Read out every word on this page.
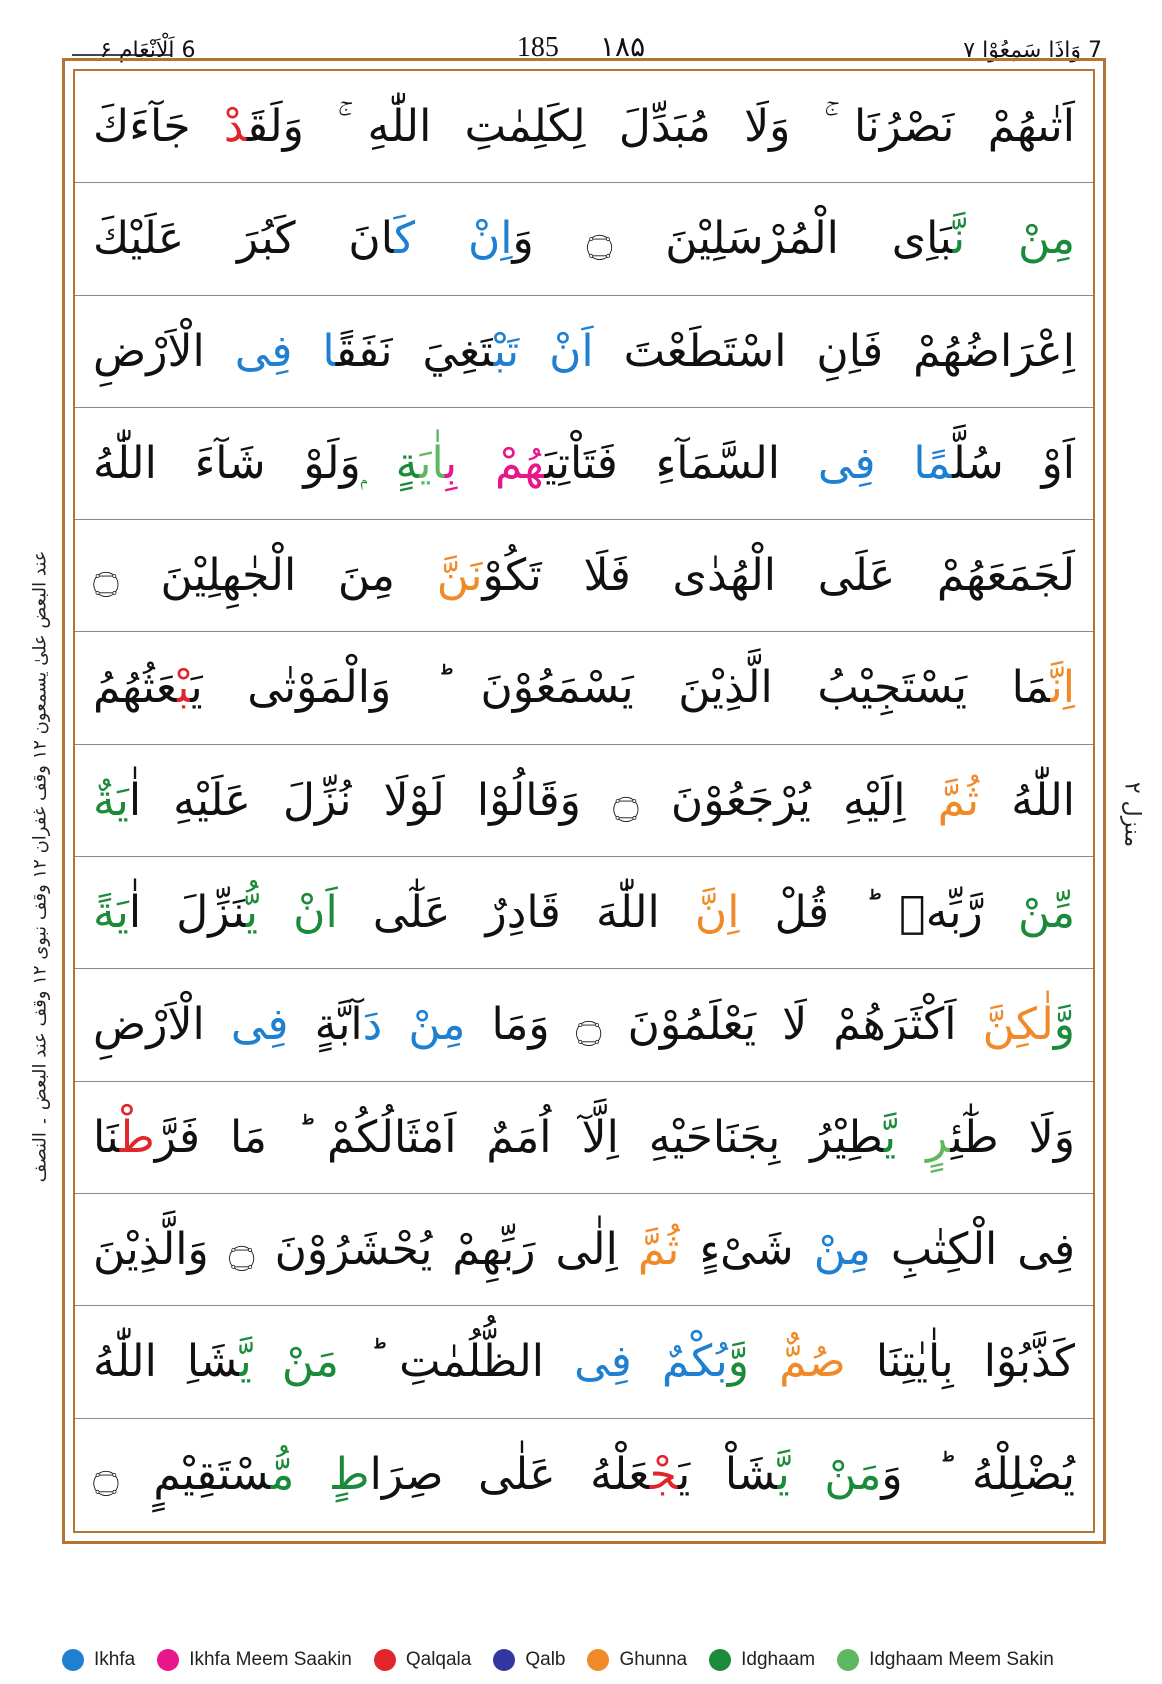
7 وَاِذَا سَمِعُوْا ۷
185 ۱۸۵
6 اَلْاَنْعَام ۶
اَتٰىهُمْ نَصْرُنَا ۚ وَلَا مُبَدِّلَ لِكَلِمٰتِ اللّٰهِ ۚ وَلَقَدْ جَآءَكَ
مِنْ نَّبَاِى الْمُرْسَلِيْنَ ۝ وَاِنْ كَانَ كَبُرَ عَلَيْكَ
اِعْرَاضُهُمْ فَاِنِ اسْتَطَعْتَ اَنْ تَبْتَغِيَ نَفَقًا فِى الْاَرْضِ
اَوْ سُلَّمًا فِى السَّمَآءِ فَتَاْتِيَهُمْ بِاٰيَةٍ ۭوَلَوْ شَآءَ اللّٰهُ
لَجَمَعَهُمْ عَلَى الْهُدٰى فَلَا تَكُوْنَنَّ مِنَ الْجٰهِلِيْنَ ۝
اِنَّمَا يَسْتَجِيْبُ الَّذِيْنَ يَسْمَعُوْنَ ؕ وَالْمَوْتٰى يَبْعَثُهُمُ
اللّٰهُ ثُمَّ اِلَيْهِ يُرْجَعُوْنَ ۝ وَقَالُوْا لَوْلَا نُزِّلَ عَلَيْهِ اٰيَةٌ
مِّنْ رَّبِّهٖ ؕ قُلْ اِنَّ اللّٰهَ قَادِرٌ عَلٰٓى اَنْ يُّنَزِّلَ اٰيَةً
وَّلٰكِنَّ اَكْثَرَهُمْ لَا يَعْلَمُوْنَ ۝ وَمَا مِنْ دَآبَّةٍ فِى الْاَرْضِ
وَلَا طٰٓئِرٍ يَّطِيْرُ بِجَنَاحَيْهِ اِلَّآ اُمَمٌ اَمْثَالُكُمْ ؕ مَا فَرَّطْنَا
فِى الْكِتٰبِ مِنْ شَىْءٍ ثُمَّ اِلٰى رَبِّهِمْ يُحْشَرُوْنَ ۝ وَالَّذِيْنَ
كَذَّبُوْا بِاٰيٰتِنَا صُمٌّ وَّبُكْمٌ فِى الظُّلُمٰتِ ؕ مَنْ يَّشَاِ اللّٰهُ
يُضْلِلْهُ ؕ وَمَنْ يَّشَاْ يَجْعَلْهُ عَلٰى صِرَاطٍ مُّسْتَقِيْمٍ ۝
عند البعض علیٰ یسمعون ۱۲ وقف غفران ۱۲ وقف نبوی ۱۲ وقف عند البعض ۔ النصف
منزل ۲
Ikhfa	Ikhfa Meem Saakin	Qalqala	Qalb	Ghunna	Idghaam	Idghaam Meem Sakin
